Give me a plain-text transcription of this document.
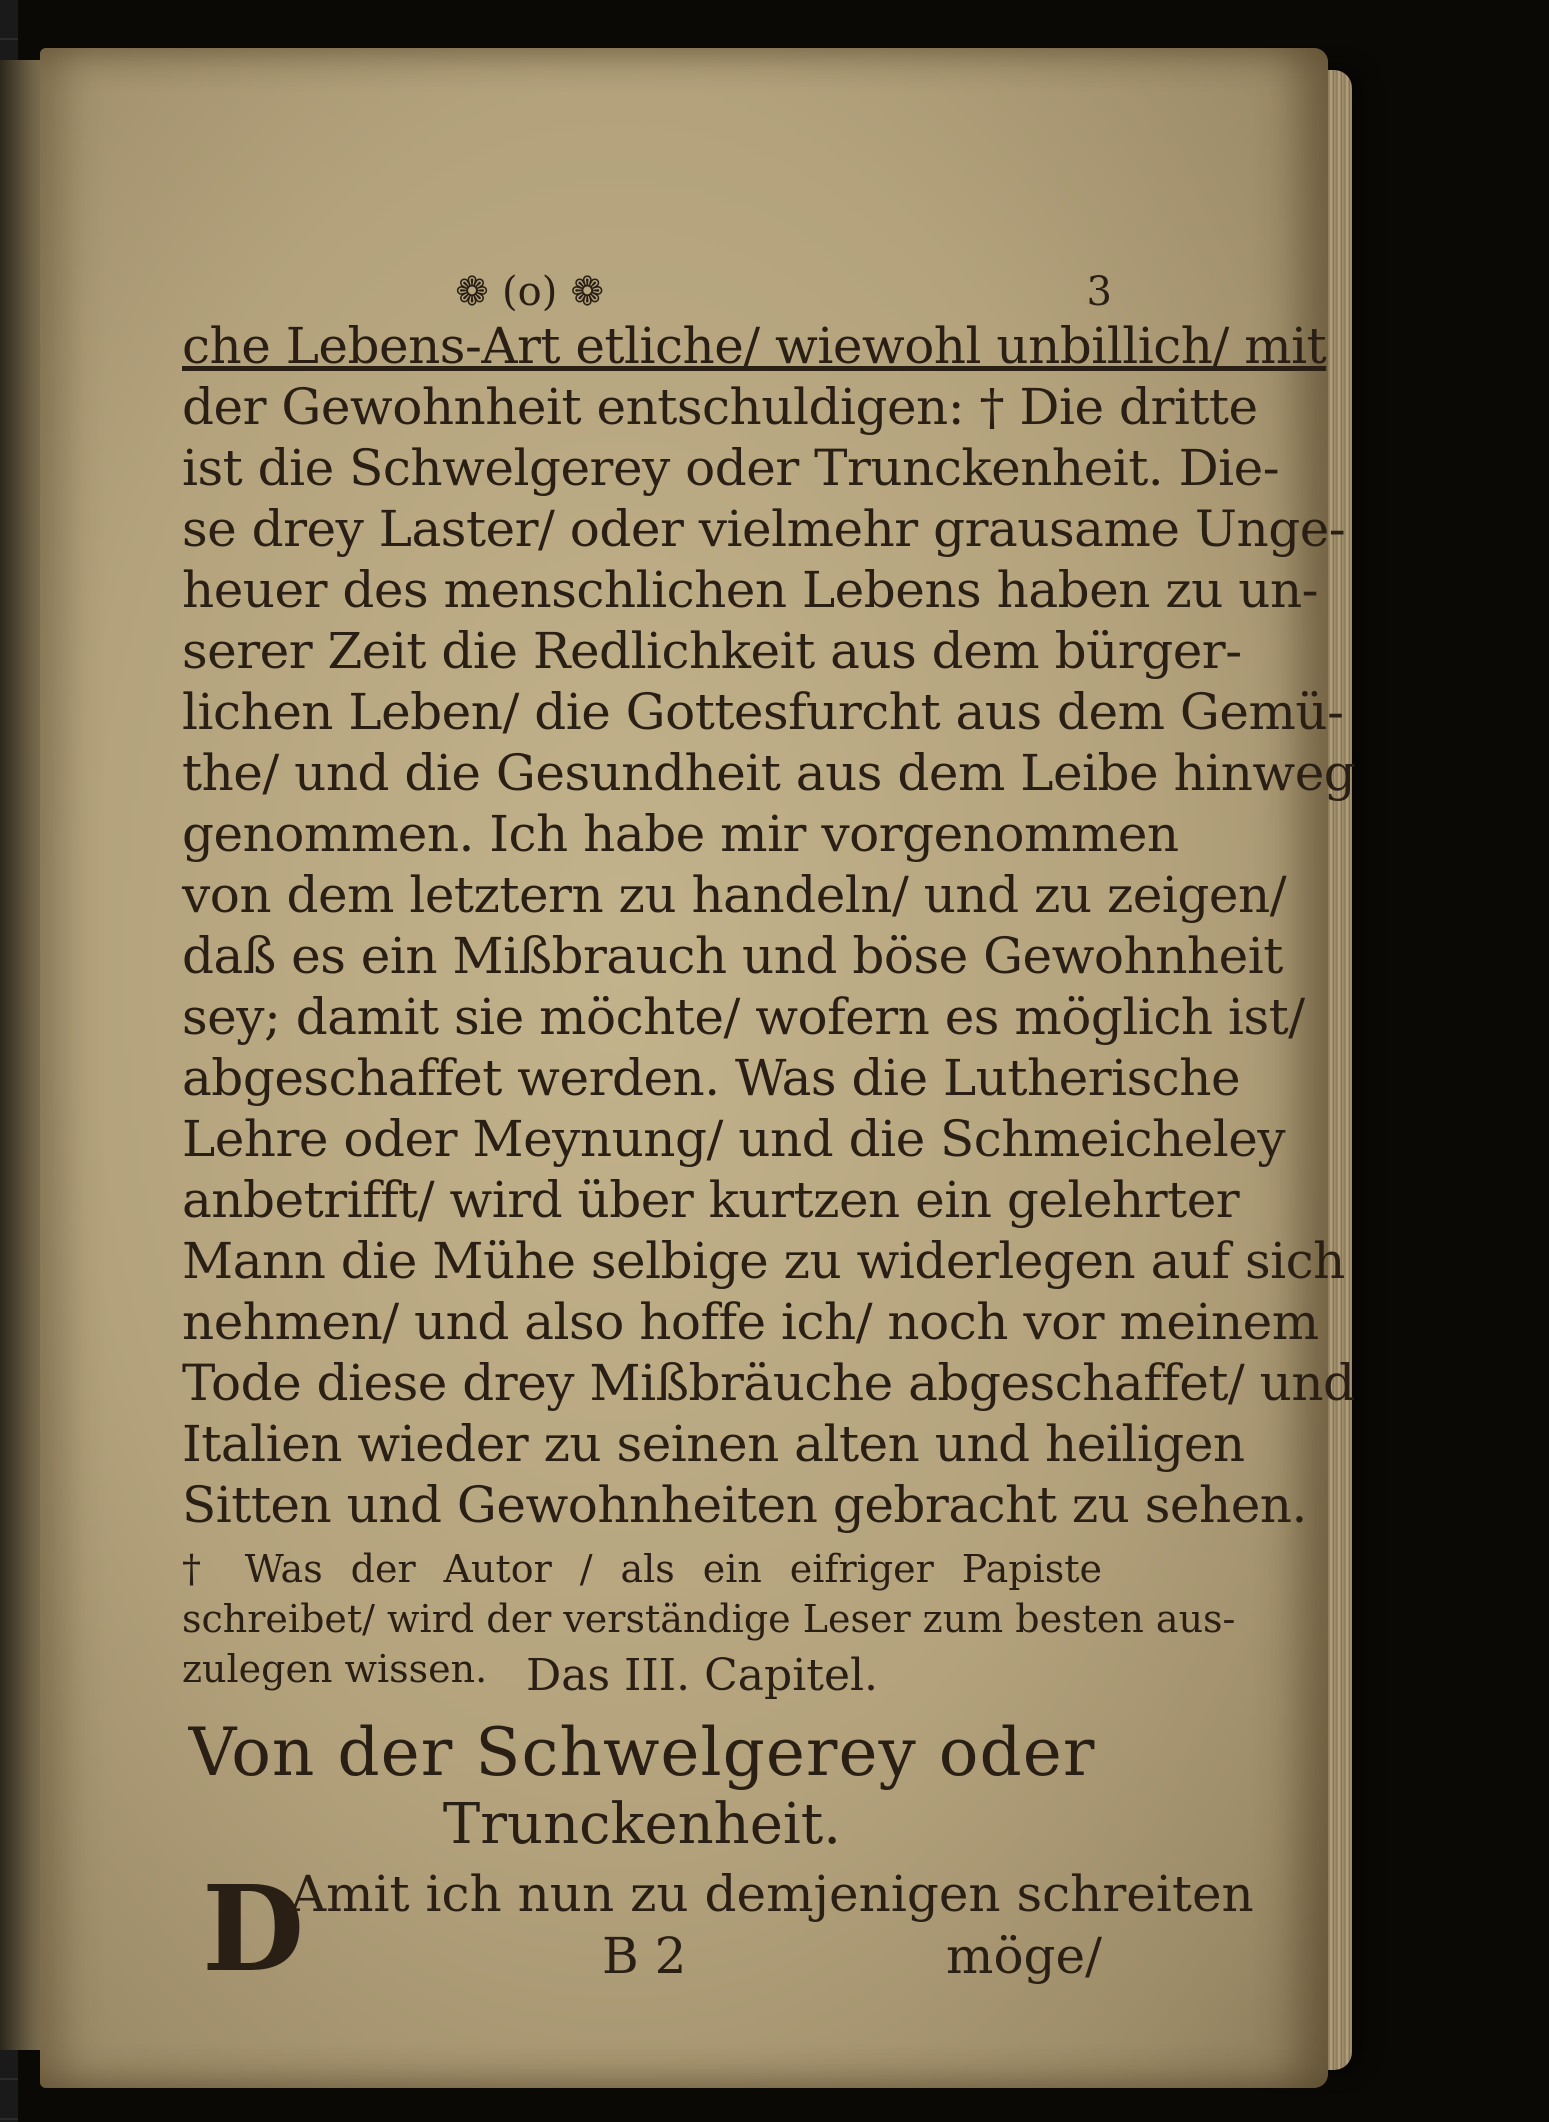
❁ (o) ❁	3
che Lebens-Art etliche/ wiewohl unbillich/ mit
der Gewohnheit entschuldigen: † Die dritte
ist die Schwelgerey oder Trunckenheit. Die-
se drey Laster/ oder vielmehr grausame Unge-
heuer des menschlichen Lebens haben zu un-
serer Zeit die Redlichkeit aus dem bürger-
lichen Leben/ die Gottesfurcht aus dem Gemü-
the/ und die Gesundheit aus dem Leibe hinweg
genommen. Ich habe mir vorgenommen
von dem letztern zu handeln/ und zu zeigen/
daß es ein Mißbrauch und böse Gewohnheit
sey; damit sie möchte/ wofern es möglich ist/
abgeschaffet werden. Was die Lutherische
Lehre oder Meynung/ und die Schmeicheley
anbetrifft/ wird über kurtzen ein gelehrter
Mann die Mühe selbige zu widerlegen auf sich
nehmen/ und also hoffe ich/ noch vor meinem
Tode diese drey Mißbräuche abgeschaffet/ und
Italien wieder zu seinen alten und heiligen
Sitten und Gewohnheiten gebracht zu sehen.
† Was der Autor / als ein eifriger Papiste
schreibet/ wird der verständige Leser zum besten aus-
zulegen wissen. Das III. Capitel.
Von der Schwelgerey oder
Trunckenheit.
D
Amit ich nun zu demjenigen schreiten
B 2	möge/
